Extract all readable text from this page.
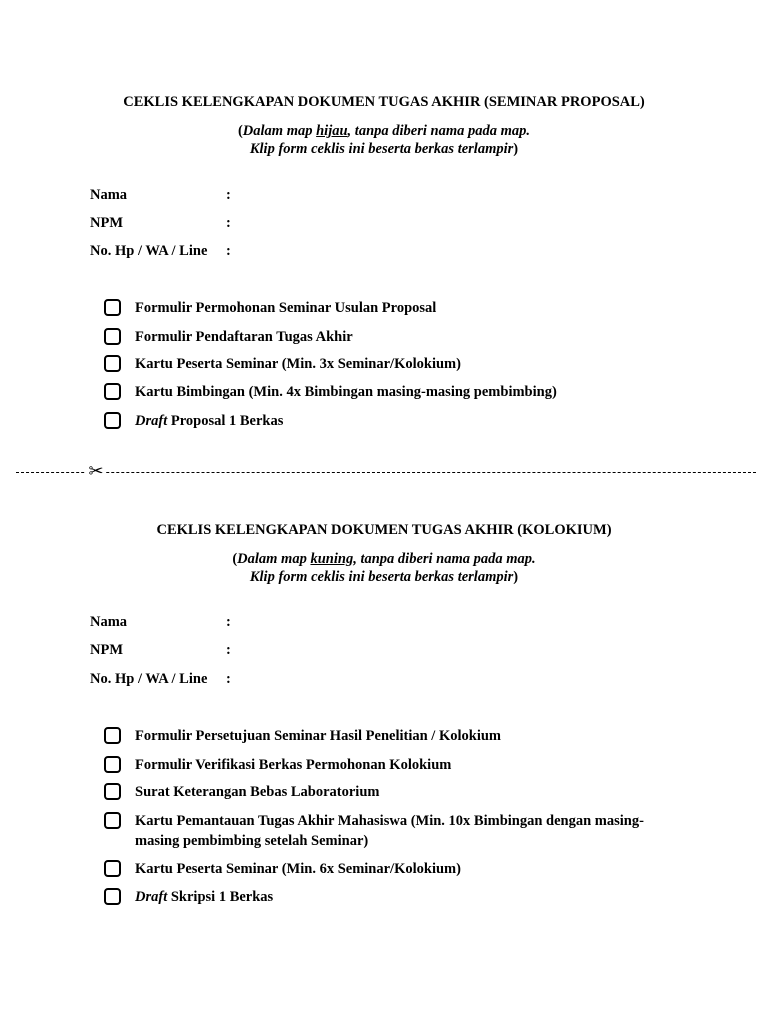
CEKLIS KELENGKAPAN DOKUMEN TUGAS AKHIR (SEMINAR PROPOSAL)
(Dalam map hijau, tanpa diberi nama pada map.
Klip form ceklis ini beserta berkas terlampir)
Nama	:
NPM	:
No. Hp / WA / Line :
Formulir Permohonan Seminar Usulan Proposal
Formulir Pendaftaran Tugas Akhir
Kartu Peserta Seminar (Min. 3x Seminar/Kolokium)
Kartu Bimbingan (Min. 4x Bimbingan masing-masing pembimbing)
Draft Proposal 1 Berkas
✂
CEKLIS KELENGKAPAN DOKUMEN TUGAS AKHIR (KOLOKIUM)
(Dalam map kuning, tanpa diberi nama pada map.
Klip form ceklis ini beserta berkas terlampir)
Nama	:
NPM	:
No. Hp / WA / Line :
Formulir Persetujuan Seminar Hasil Penelitian / Kolokium
Formulir Verifikasi Berkas Permohonan Kolokium
Surat Keterangan Bebas Laboratorium
Kartu Pemantauan Tugas Akhir Mahasiswa (Min. 10x Bimbingan dengan masing-masing pembimbing setelah Seminar)
Kartu Peserta Seminar (Min. 6x Seminar/Kolokium)
Draft Skripsi 1 Berkas
